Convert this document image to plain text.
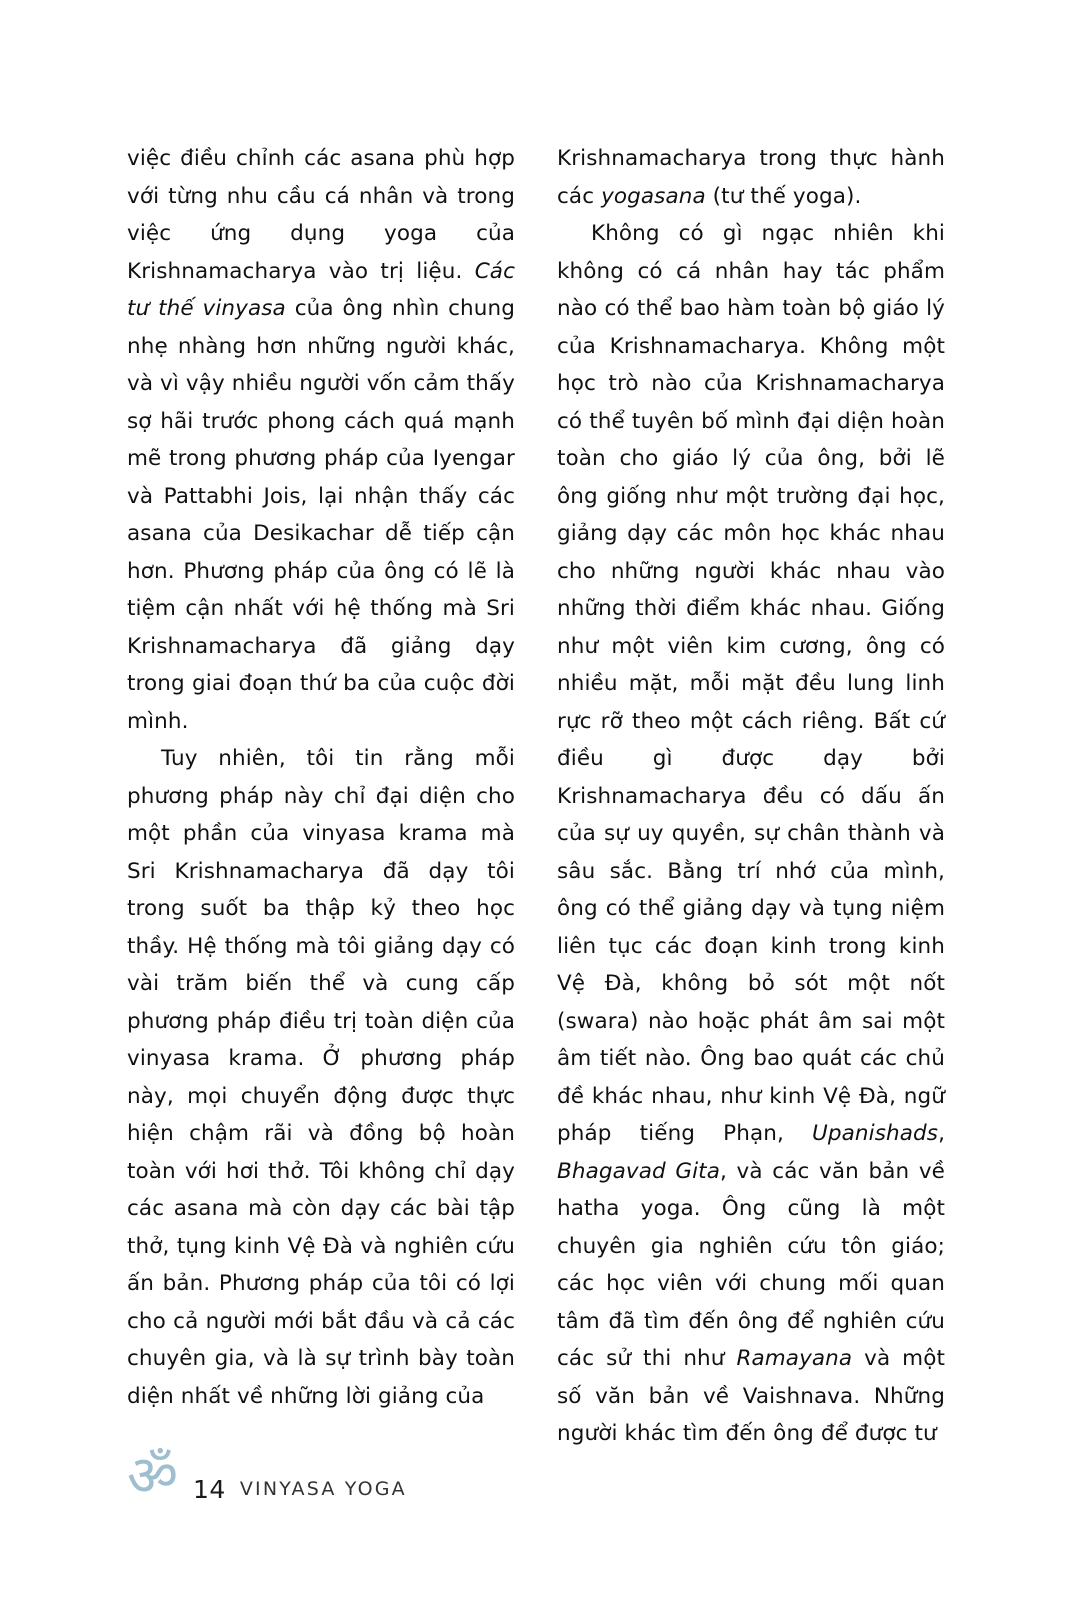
việc điều chỉnh các asana phù hợp với từng nhu cầu cá nhân và trong việc ứng dụng yoga của Krishnamacharya vào trị liệu. Các tư thế vinyasa của ông nhìn chung nhẹ nhàng hơn những người khác, và vì vậy nhiều người vốn cảm thấy sợ hãi trước phong cách quá mạnh mẽ trong phương pháp của Iyengar và Pattabhi Jois, lại nhận thấy các asana của Desikachar dễ tiếp cận hơn. Phương pháp của ông có lẽ là tiệm cận nhất với hệ thống mà Sri Krishnamacharya đã giảng dạy trong giai đoạn thứ ba của cuộc đời mình.

Tuy nhiên, tôi tin rằng mỗi phương pháp này chỉ đại diện cho một phần của vinyasa krama mà Sri Krishnamacharya đã dạy tôi trong suốt ba thập kỷ theo học thầy. Hệ thống mà tôi giảng dạy có vài trăm biến thể và cung cấp phương pháp điều trị toàn diện của vinyasa krama. Ở phương pháp này, mọi chuyển động được thực hiện chậm rãi và đồng bộ hoàn toàn với hơi thở. Tôi không chỉ dạy các asana mà còn dạy các bài tập thở, tụng kinh Vệ Đà và nghiên cứu ấn bản. Phương pháp của tôi có lợi cho cả người mới bắt đầu và cả các chuyên gia, và là sự trình bày toàn diện nhất về những lời giảng của

Krishnamacharya trong thực hành các yogasana (tư thế yoga).

Không có gì ngạc nhiên khi không có cá nhân hay tác phẩm nào có thể bao hàm toàn bộ giáo lý của Krishnamacharya. Không một học trò nào của Krishnamacharya có thể tuyên bố mình đại diện hoàn toàn cho giáo lý của ông, bởi lẽ ông giống như một trường đại học, giảng dạy các môn học khác nhau cho những người khác nhau vào những thời điểm khác nhau. Giống như một viên kim cương, ông có nhiều mặt, mỗi mặt đều lung linh rực rỡ theo một cách riêng. Bất cứ điều gì được dạy bởi Krishnamacharya đều có dấu ấn của sự uy quyền, sự chân thành và sâu sắc. Bằng trí nhớ của mình, ông có thể giảng dạy và tụng niệm liên tục các đoạn kinh trong kinh Vệ Đà, không bỏ sót một nốt (swara) nào hoặc phát âm sai một âm tiết nào. Ông bao quát các chủ đề khác nhau, như kinh Vệ Đà, ngữ pháp tiếng Phạn, Upanishads, Bhagavad Gita, và các văn bản về hatha yoga. Ông cũng là một chuyên gia nghiên cứu tôn giáo; các học viên với chung mối quan tâm đã tìm đến ông để nghiên cứu các sử thi như Ramayana và một số văn bản về Vaishnava. Những người khác tìm đến ông để được tư

ॐ 14 VINYASA YOGA
